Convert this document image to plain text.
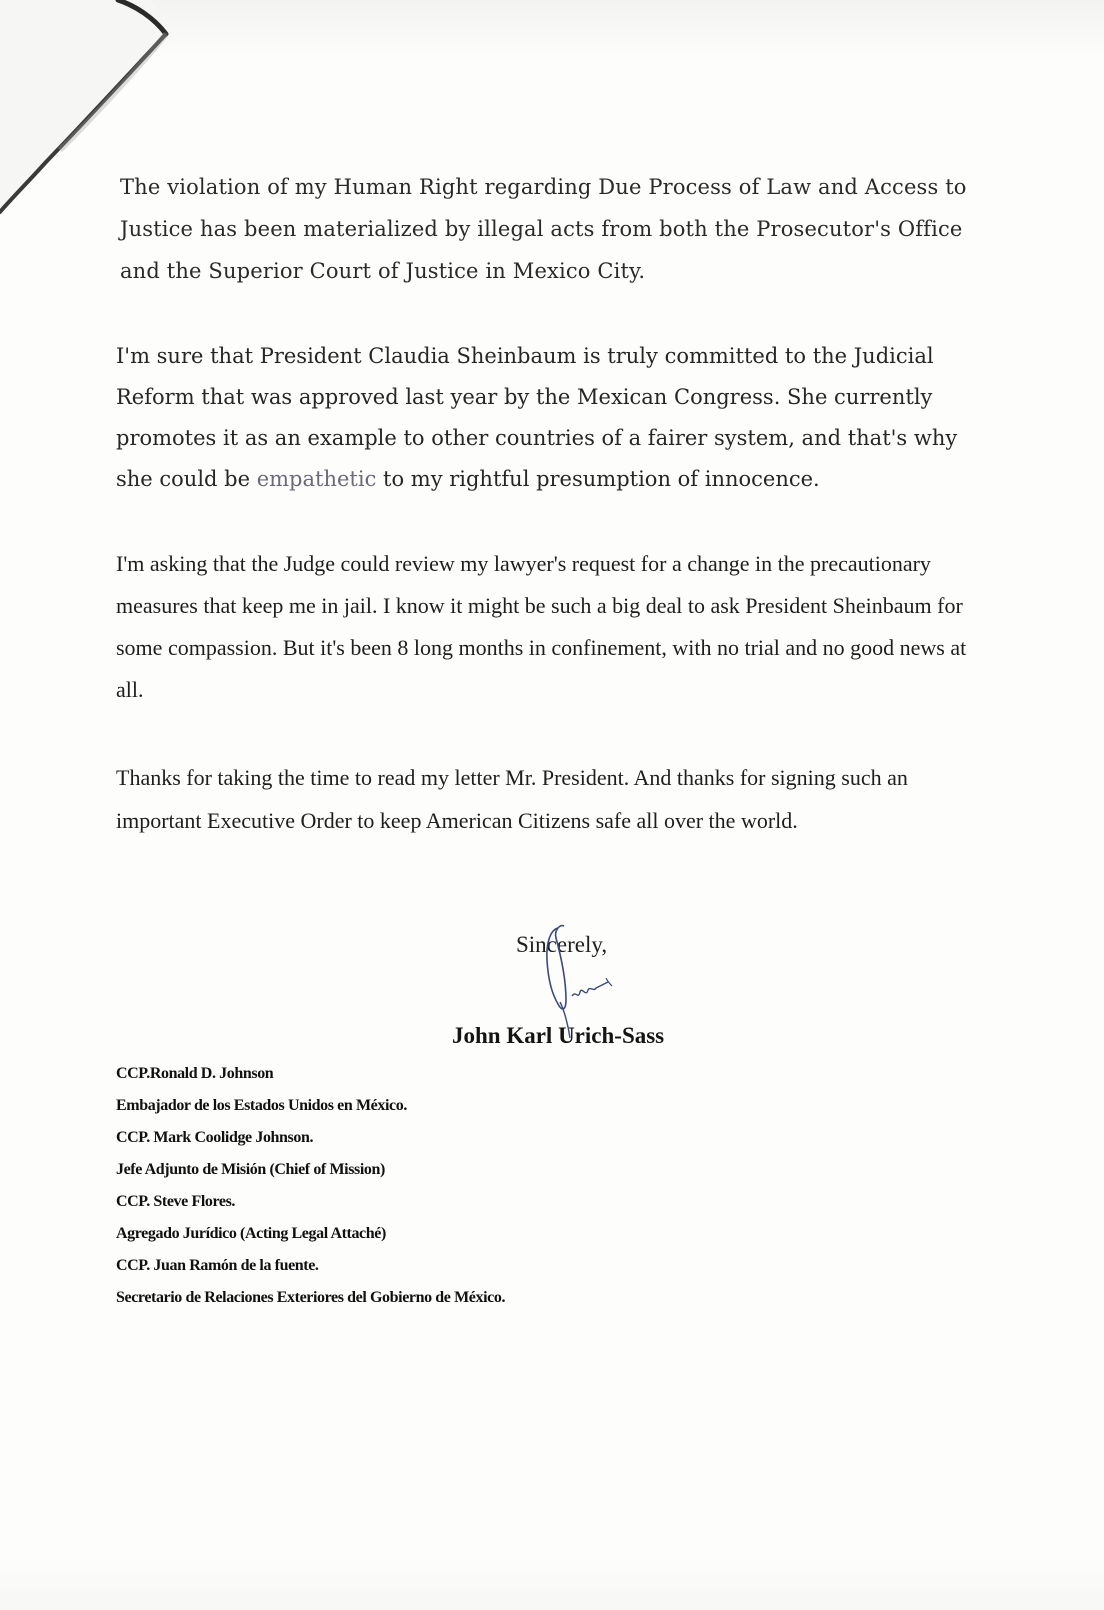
The violation of my Human Right regarding Due Process of Law and Access to Justice has been materialized by illegal acts from both the Prosecutor's Office and the Superior Court of Justice in Mexico City.

I'm sure that President Claudia Sheinbaum is truly committed to the Judicial Reform that was approved last year by the Mexican Congress. She currently promotes it as an example to other countries of a fairer system, and that's why she could be empathetic to my rightful presumption of innocence.

I'm asking that the Judge could review my lawyer's request for a change in the precautionary measures that keep me in jail. I know it might be such a big deal to ask President Sheinbaum for some compassion. But it's been 8 long months in confinement, with no trial and no good news at all.

Thanks for taking the time to read my letter Mr. President. And thanks for signing such an important Executive Order to keep American Citizens safe all over the world.

Sincerely,
John Karl Urich-Sass
CCP.Ronald D. Johnson
Embajador de los Estados Unidos en México.
CCP. Mark Coolidge Johnson.
Jefe Adjunto de Misión (Chief of Mission)
CCP. Steve Flores.
Agregado Jurídico (Acting Legal Attaché)
CCP. Juan Ramón de la fuente.
Secretario de Relaciones Exteriores del Gobierno de México.
